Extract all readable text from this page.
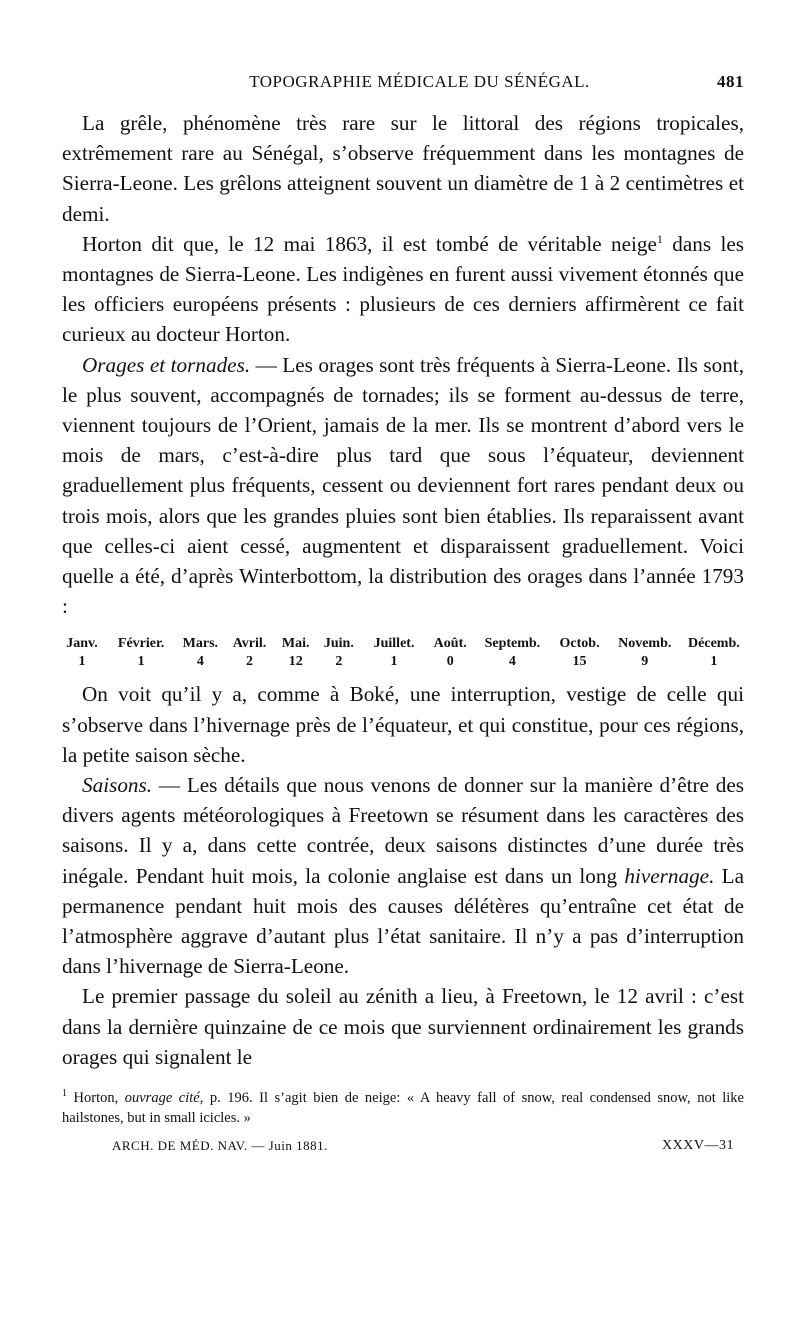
TOPOGRAPHIE MÉDICALE DU SÉNÉGAL.	481

La grêle, phénomène très rare sur le littoral des régions tropicales, extrêmement rare au Sénégal, s’observe fréquemment dans les montagnes de Sierra-Leone. Les grêlons atteignent souvent un diamètre de 1 à 2 centimètres et demi.

Horton dit que, le 12 mai 1863, il est tombé de véritable neige$^1$ dans les montagnes de Sierra-Leone. Les indigènes en furent aussi vivement étonnés que les officiers européens présents : plusieurs de ces derniers affirmèrent ce fait curieux au docteur Horton.

Orages et tornades. — Les orages sont très fréquents à Sierra-Leone. Ils sont, le plus souvent, accompagnés de tornades; ils se forment au-dessus de terre, viennent toujours de l’Orient, jamais de la mer. Ils se montrent d’abord vers le mois de mars, c’est-à-dire plus tard que sous l’équateur, deviennent graduellement plus fréquents, cessent ou deviennent fort rares pendant deux ou trois mois, alors que les grandes pluies sont bien établies. Ils reparaissent avant que celles-ci aient cessé, augmentent et disparaissent graduellement. Voici quelle a été, d’après Winterbottom, la distribution des orages dans l’année 1793 :

Janv.	Février.	Mars.	Avril.	Mai.	Juin.	Juillet.	Août.	Septemb.	Octob.	Novemb.	Décemb.
1	1	4	2	12	2	1	0	4	15	9	1

On voit qu’il y a, comme à Boké, une interruption, vestige de celle qui s’observe dans l’hivernage près de l’équateur, et qui constitue, pour ces régions, la petite saison sèche.

Saisons. — Les détails que nous venons de donner sur la manière d’être des divers agents météorologiques à Freetown se résument dans les caractères des saisons. Il y a, dans cette contrée, deux saisons distinctes d’une durée très inégale. Pendant huit mois, la colonie anglaise est dans un long hivernage. La permanence pendant huit mois des causes délétères qu’entraîne cet état de l’atmosphère aggrave d’autant plus l’état sanitaire. Il n’y a pas d’interruption dans l’hivernage de Sierra-Leone.

Le premier passage du soleil au zénith a lieu, à Freetown, le 12 avril : c’est dans la dernière quinzaine de ce mois que surviennent ordinairement les grands orages qui signalent le

$^1$ Horton, ouvrage cité, p. 196. Il s’agit bien de neige: « A heavy fall of snow, real condensed snow, not like hailstones, but in small icicles. »
ARCH. DE MÉD. NAV. — Juin 1881.	XXXV—31
